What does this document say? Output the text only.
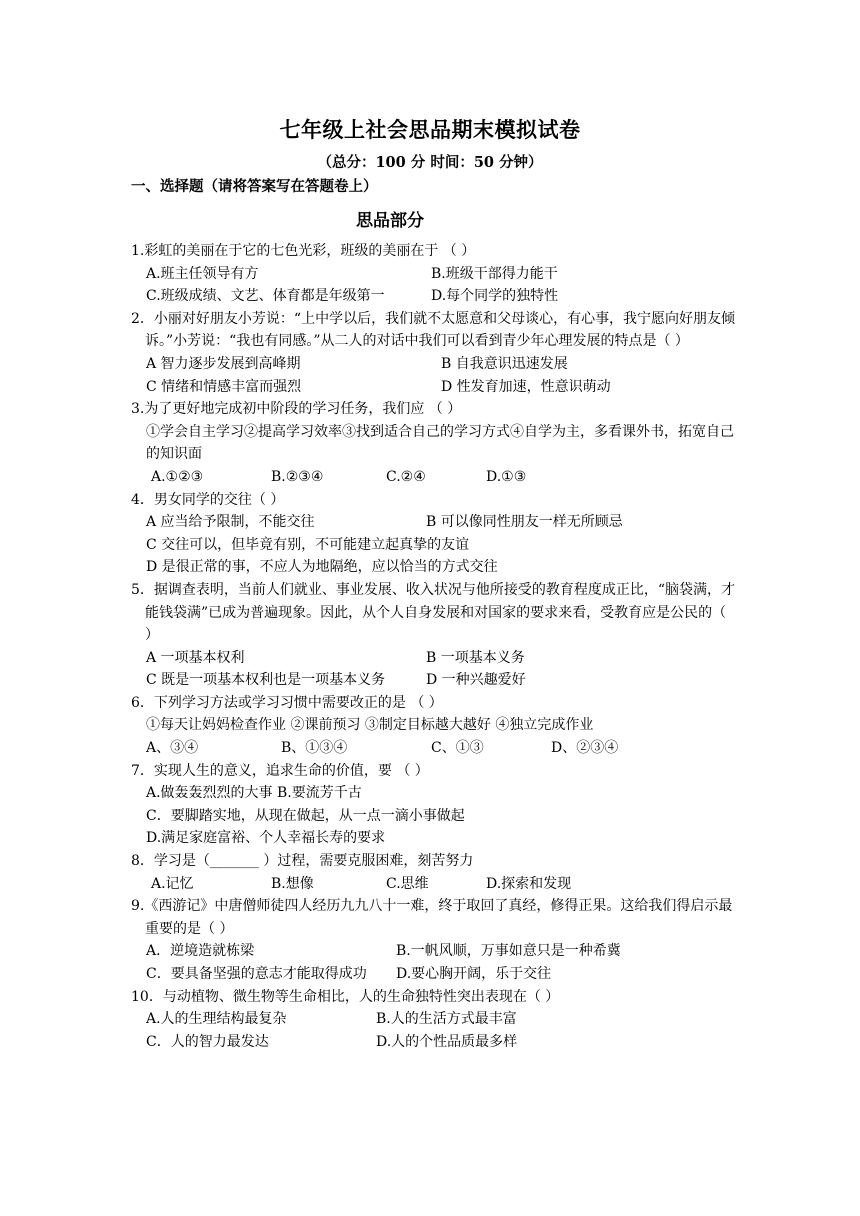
七年级上社会思品期末模拟试卷
（总分：100 分 时间：50 分钟）
一、选择题（请将答案写在答题卷上）
思品部分
1.彩虹的美丽在于它的七色光彩，班级的美丽在于 （ ）
A.班主任领导有方	B.班级干部得力能干
C.班级成绩、文艺、体育都是年级第一	D.每个同学的独特性
2．小丽对好朋友小芳说：“上中学以后，我们就不太愿意和父母谈心，有心事，我宁愿向好朋友倾诉。”小芳说：“我也有同感。”从二人的对话中我们可以看到青少年心理发展的特点是（ ）
A 智力逐步发展到高峰期	B 自我意识迅速发展
C 情绪和情感丰富而强烈	D 性发育加速，性意识萌动
3.为了更好地完成初中阶段的学习任务，我们应 （ ）
①学会自主学习②提高学习效率③找到适合自己的学习方式④自学为主，多看课外书，拓宽自己的知识面
A.①②③	B.②③④	C.②④	D.①③
4．男女同学的交往（ ）
A 应当给予限制，不能交往	B 可以像同性朋友一样无所顾忌
C 交往可以，但毕竟有别，不可能建立起真挚的友谊
D 是很正常的事，不应人为地隔绝，应以恰当的方式交往
5．据调查表明，当前人们就业、事业发展、收入状况与他所接受的教育程度成正比，“脑袋满，才能钱袋满”已成为普遍现象。因此，从个人自身发展和对国家的要求来看，受教育应是公民的（ ）
A 一项基本权利	B 一项基本义务
C 既是一项基本权利也是一项基本义务	D 一种兴趣爱好
6．下列学习方法或学习习惯中需要改正的是 （ ）
①每天让妈妈检查作业 ②课前预习 ③制定目标越大越好 ④独立完成作业
A、③④	B、①③④	C、①③	D、②③④
7．实现人生的意义，追求生命的价值，要 （ ）
A.做轰轰烈烈的大事 B.要流芳千古
C．要脚踏实地，从现在做起，从一点一滴小事做起
D.满足家庭富裕、个人幸福长寿的要求
8．学习是（_______ ）过程，需要克服困难，刻苦努力
A.记忆	B.想像	C.思维	D.探索和发现
9.《西游记》中唐僧师徒四人经历九九八十一难，终于取回了真经，修得正果。这给我们得启示最重要的是（ ）
A．逆境造就栋梁	B.一帆风顺，万事如意只是一种希冀
C．要具备坚强的意志才能取得成功 D.要心胸开阔，乐于交往
10．与动植物、微生物等生命相比，人的生命独特性突出表现在（ ）
A.人的生理结构最复杂	B.人的生活方式最丰富
C．人的智力最发达	D.人的个性品质最多样
